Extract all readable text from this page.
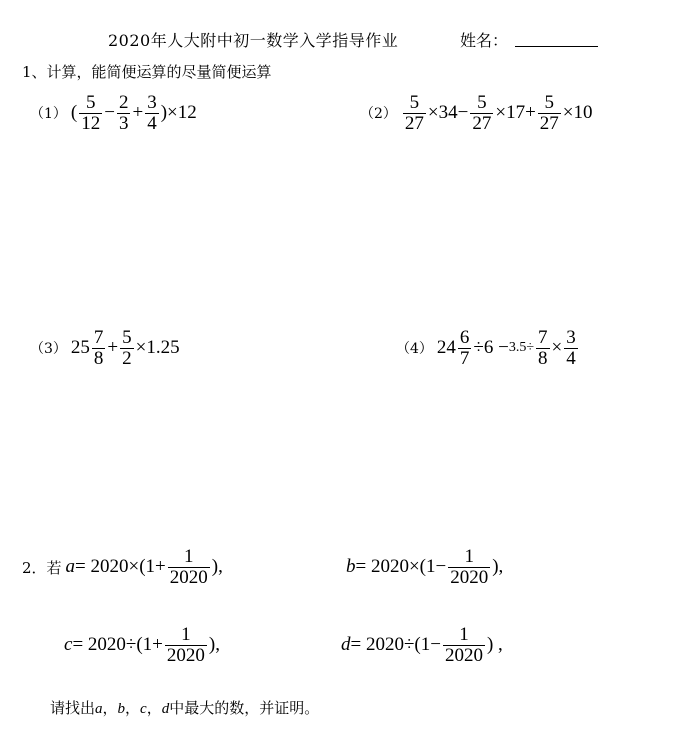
2020年人大附中初一数学入学指导作业	姓名：
1、计算，能简便运算的尽量简便运算
（1） ( $\frac{5}{12} - \frac{2}{3} + \frac{3}{4} )\times 12$	$(2) \frac{5}{27} \times 34- \frac{5}{27} \times 17+ \frac{5}{27} \times 10$
（3） $25 \frac{7}{8} + \frac{5}{2} \times 1.25$	（4） $24 \frac{6}{7} \div 6 - 3.5\div \frac{7}{8} \times \frac{3}{4}$
2．若 $a = 2020\times(1+ \frac{1}{2020}$ ),	$b = 2020\times(1- \frac{1}{2020}$ ),
$c = 2020\div(1+ \frac{1}{2020}$ ),	$d = 2020\div(1- \frac{1}{2020}$ ) ,
请找出a，b，c，d中最大的数，并证明。
